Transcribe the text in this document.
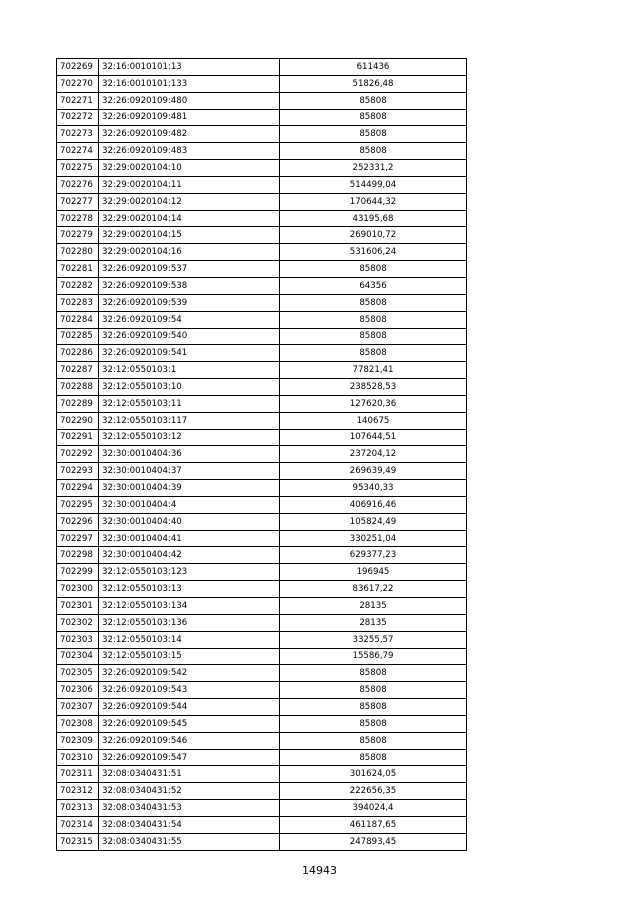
702269	32:16:0010101:13	611436
702270	32:16:0010101:133	51826,48
702271	32:26:0920109:480	85808
702272	32:26:0920109:481	85808
702273	32:26:0920109:482	85808
702274	32:26:0920109:483	85808
702275	32:29:0020104:10	252331,2
702276	32:29:0020104:11	514499,04
702277	32:29:0020104:12	170644,32
702278	32:29:0020104:14	43195,68
702279	32:29:0020104:15	269010,72
702280	32:29:0020104:16	531606,24
702281	32:26:0920109:537	85808
702282	32:26:0920109:538	64356
702283	32:26:0920109:539	85808
702284	32:26:0920109:54	85808
702285	32:26:0920109:540	85808
702286	32:26:0920109:541	85808
702287	32:12:0550103:1	77821,41
702288	32:12:0550103:10	238528,53
702289	32:12:0550103:11	127620,36
702290	32:12:0550103:117	140675
702291	32:12:0550103:12	107644,51
702292	32:30:0010404:36	237204,12
702293	32:30:0010404:37	269639,49
702294	32:30:0010404:39	95340,33
702295	32:30:0010404:4	406916,46
702296	32:30:0010404:40	105824,49
702297	32:30:0010404:41	330251,04
702298	32:30:0010404:42	629377,23
702299	32:12:0550103:123	196945
702300	32:12:0550103:13	83617,22
702301	32:12:0550103:134	28135
702302	32:12:0550103:136	28135
702303	32:12:0550103:14	33255,57
702304	32:12:0550103:15	15586,79
702305	32:26:0920109:542	85808
702306	32:26:0920109:543	85808
702307	32:26:0920109:544	85808
702308	32:26:0920109:545	85808
702309	32:26:0920109:546	85808
702310	32:26:0920109:547	85808
702311	32:08:0340431:51	301624,05
702312	32:08:0340431:52	222656,35
702313	32:08:0340431:53	394024,4
702314	32:08:0340431:54	461187,65
702315	32:08:0340431:55	247893,45
14943
